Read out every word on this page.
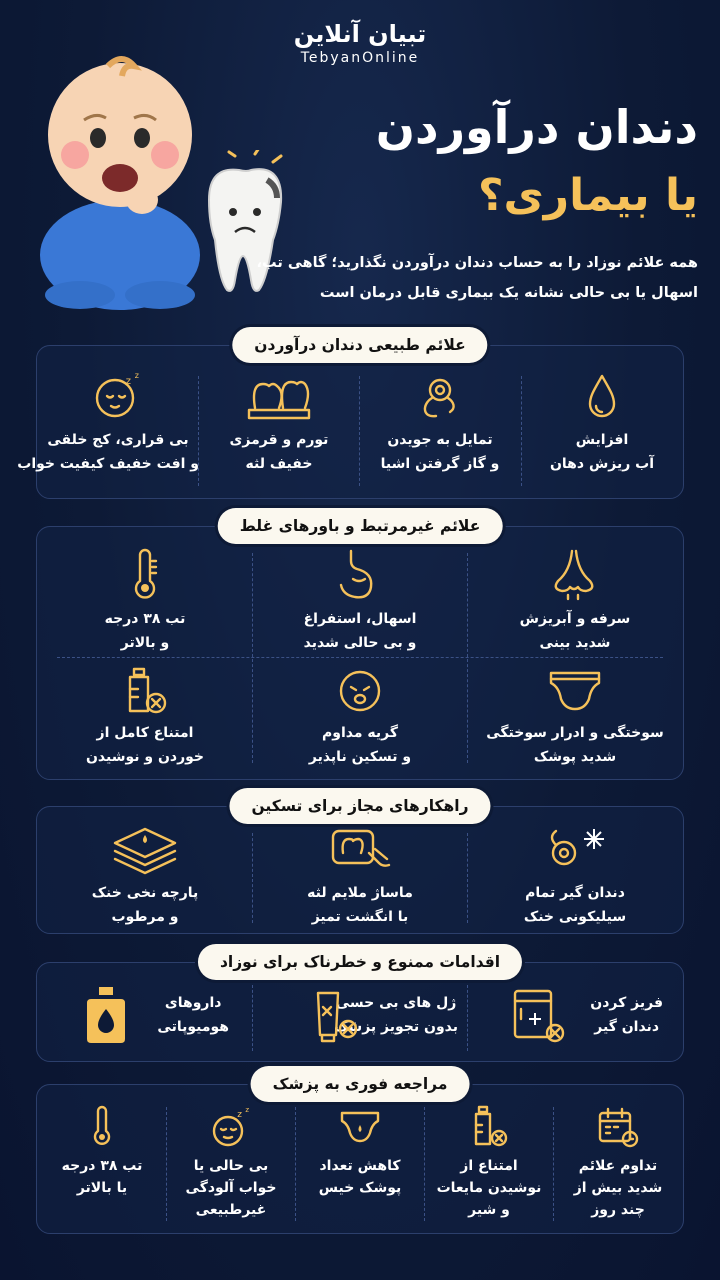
تبیان آنلاین
TebyanOnline
دندان درآوردن
یا بیماری؟
همه علائم نوزاد را به حساب دندان درآوردن نگذارید؛ گاهی تب، اسهال یا بی حالی نشانه یک بیماری قابل درمان است
علائم طبیعی دندان درآوردن
افزایش
آب ریزش دهان
تمایل به جویدن
و گاز گرفتن اشیا
تورم و قرمزی
خفیف لثه
z
z
بی قراری، کج خلقی
و افت خفیف کیفیت خواب
علائم غیرمرتبط و باورهای غلط
سرفه و آبریزش
شدید بینی
اسهال، استفراغ
و بی حالی شدید
تب ۳۸ درجه
و بالاتر
سوختگی و ادرار سوختگی
شدید پوشک
گریه مداوم
و تسکین ناپذیر
امتناع کامل از
خوردن و نوشیدن
راهکارهای مجاز برای تسکین
دندان گیر تمام
سیلیکونی خنک
ماساژ ملایم لثه
با انگشت تمیز
پارچه نخی خنک
و مرطوب
اقدامات ممنوع و خطرناک برای نوزاد
فریز کردن
دندان گیر
ژل های بی حسی
بدون تجویز پزشک
داروهای
هومیوپاتی
مراجعه فوری به پزشک
تداوم علائم
شدید بیش از
چند روز
امتناع از
نوشیدن مایعات
و شیر
کاهش تعداد
پوشک خیس
z z
بی حالی یا
خواب آلودگی
غیرطبیعی
تب ۳۸ درجه
یا بالاتر
